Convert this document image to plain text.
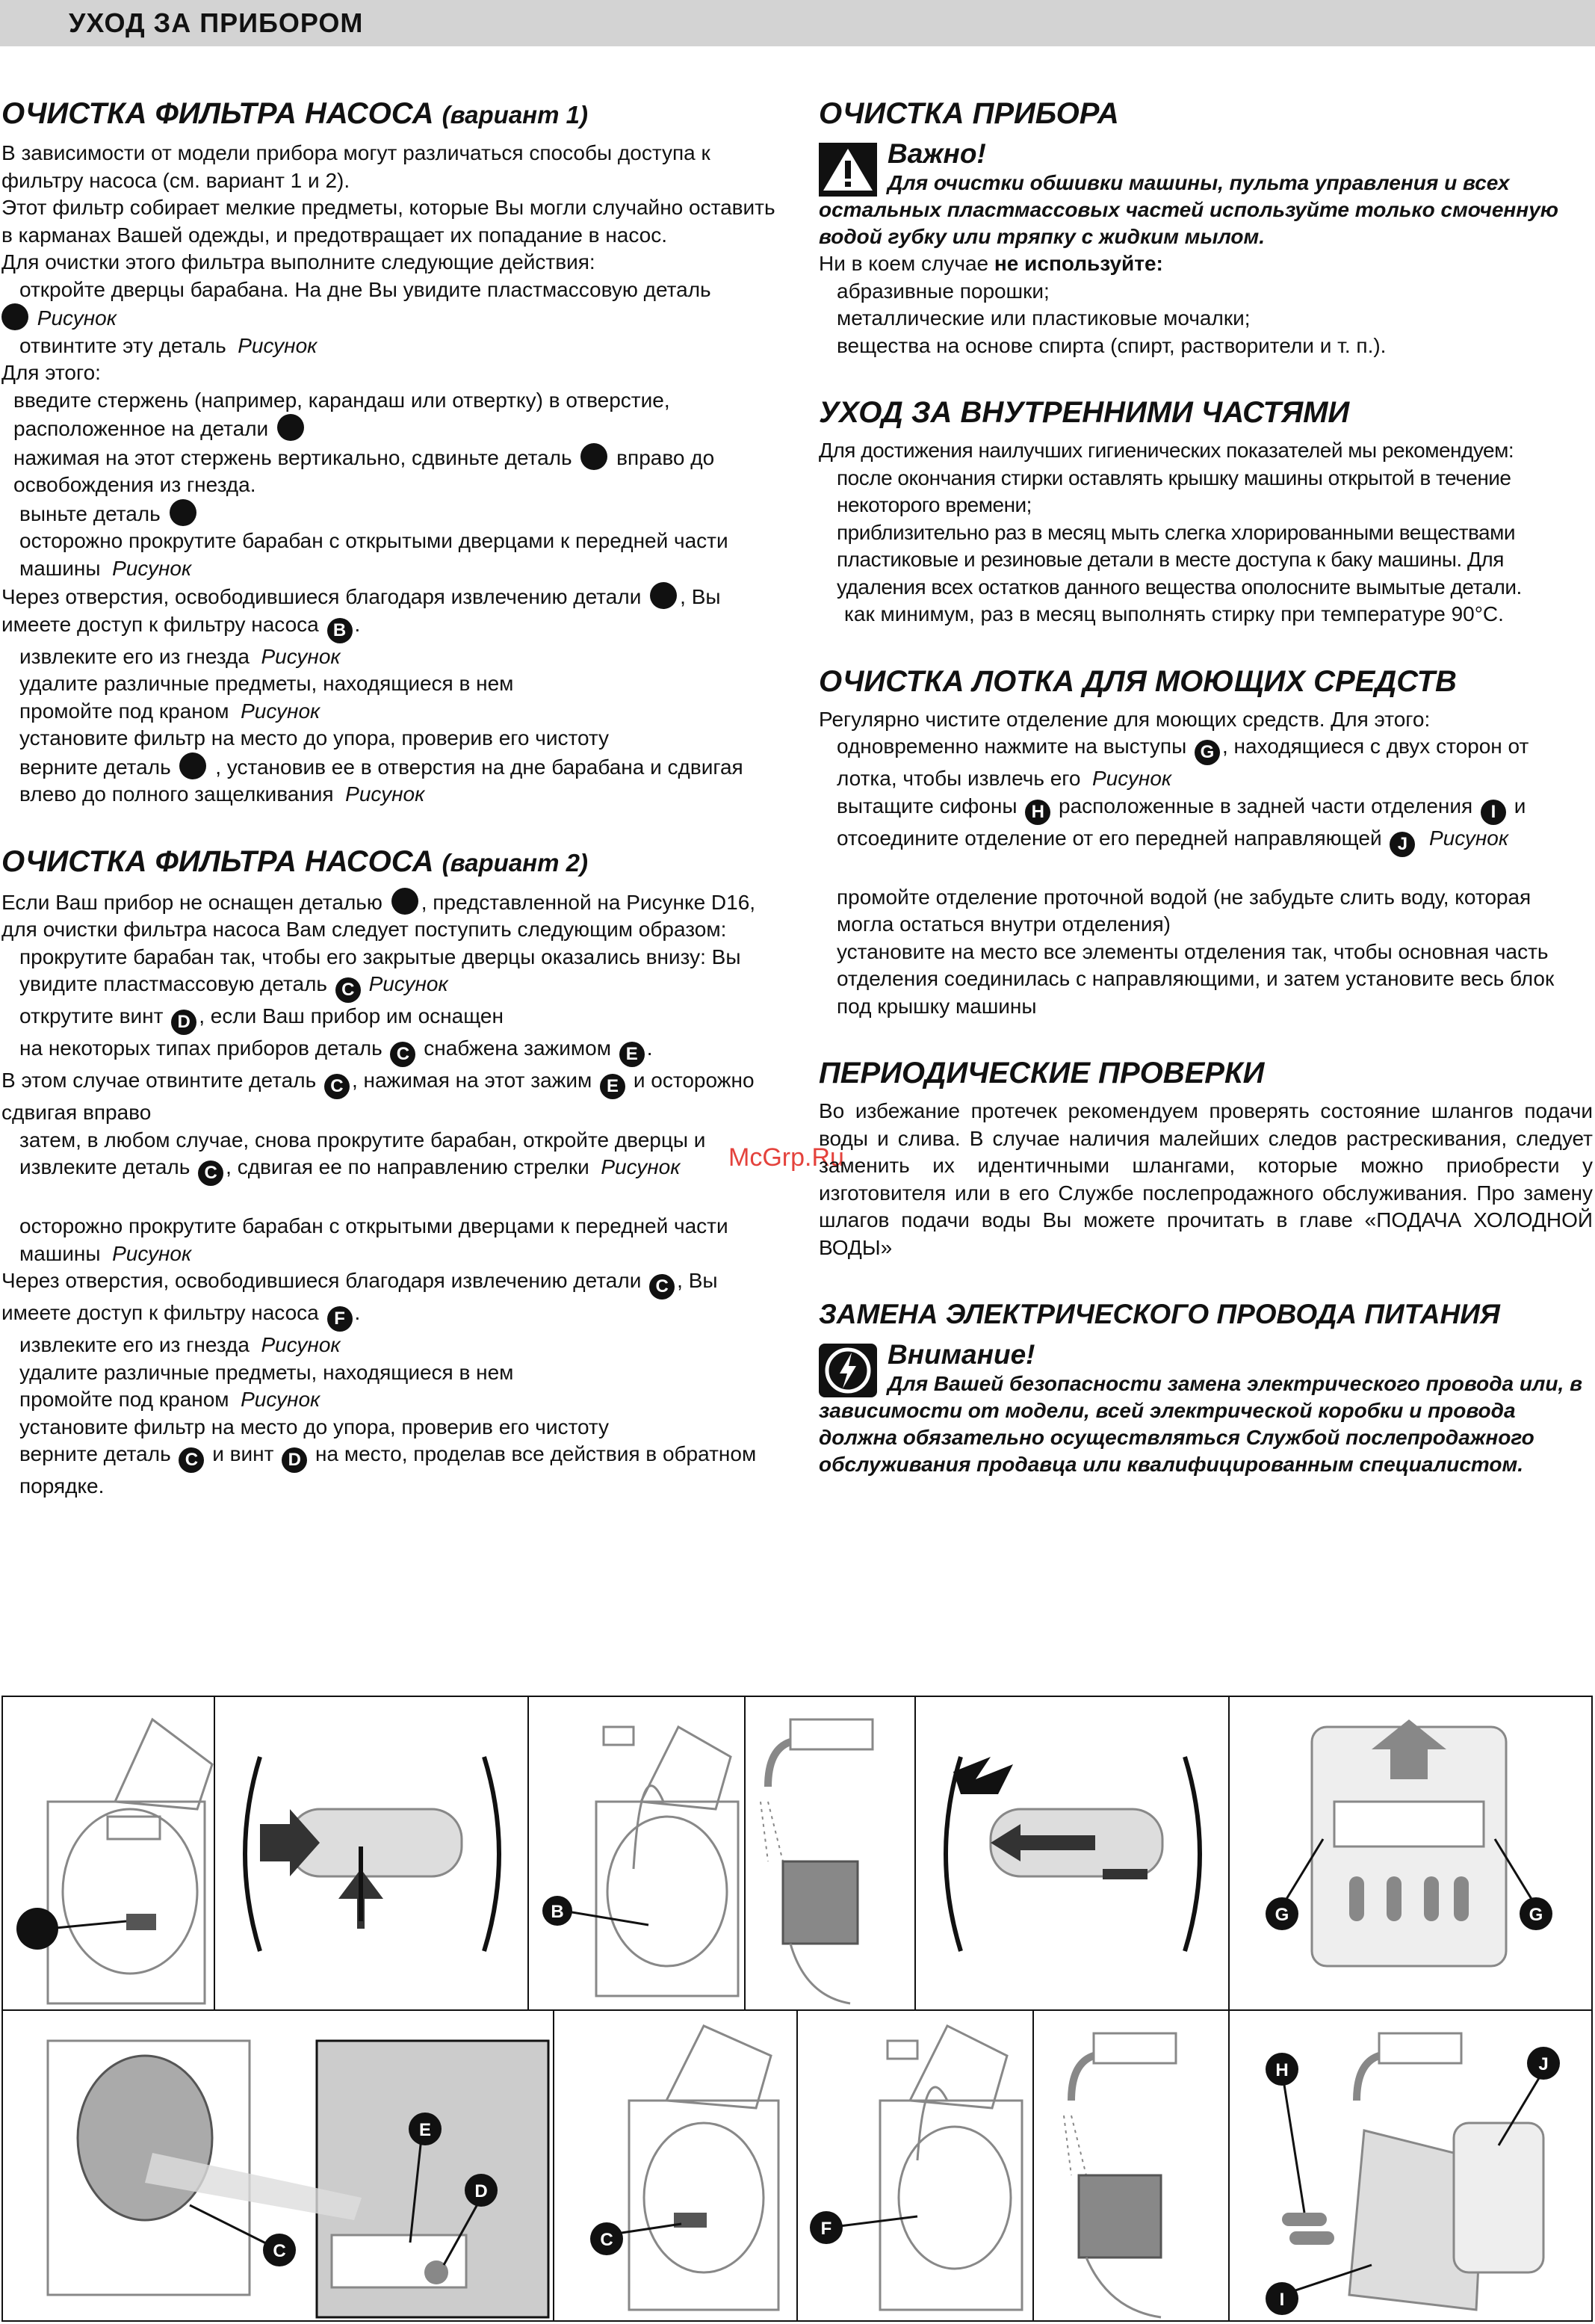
УХОД ЗА ПРИБОРОМ
McGrp.Ru
ОЧИСТКА ФИЛЬТРА НАСОСА (вариант 1)

В зависимости от модели прибора могут различаться способы доступа к фильтру насоса (см. вариант 1 и 2).

Этот фильтр собирает мелкие предметы, которые Вы могли случайно оставить в карманах Вашей одежды, и предотвращает их попадание в насос.

Для очистки этого фильтра выполните следующие действия:

откройте дверцы барабана. На дне Вы увидите пластмассовую деталь
Рисунок

отвинтите эту деталь Рисунок

Для этого:

введите стержень (например, карандаш или отвертку) в отверстие, расположенное на детали

нажимая на этот стержень вертикально, сдвиньте деталь вправо до освобождения из гнезда.

выньте деталь

осторожно прокрутите барабан с открытыми дверцами к передней части машины Рисунок

Через отверстия, освободившиеся благодаря извлечению детали , Вы имеете доступ к фильтру насоса B .

извлеките его из гнезда Рисунок

удалите различные предметы, находящиеся в нем

промойте под краном Рисунок

установите фильтр на место до упора, проверив его чистоту

верните деталь , установив ее в отверстия на дне барабана и сдвигая влево до полного защелкивания Рисунок

ОЧИСТКА ФИЛЬТРА НАСОСА (вариант 2)

Если Ваш прибор не оснащен деталью , представленной на Рисунке D16, для очистки фильтра насоса Вам следует поступить следующим образом:

прокрутите барабан так, чтобы его закрытые дверцы оказались внизу: Вы увидите пластмассовую деталь C Рисунок

открутите винт D , если Ваш прибор им оснащен

на некоторых типах приборов деталь C снабжена зажимом E .

В этом случае отвинтите деталь C , нажимая на этот зажим E и осторожно сдвигая вправо

затем, в любом случае, снова прокрутите барабан, откройте дверцы и извлеките деталь C , сдвигая ее по направлению стрелки Рисунок

осторожно прокрутите барабан с открытыми дверцами к передней части машины Рисунок

Через отверстия, освободившиеся благодаря извлечению детали C , Вы имеете доступ к фильтру насоса F .

извлеките его из гнезда Рисунок

удалите различные предметы, находящиеся в нем

промойте под краном Рисунок

установите фильтр на место до упора, проверив его чистоту

верните деталь C и винт D на место, проделав все действия в обратном порядке.

ОЧИСТКА ПРИБОРА
Важно!
Для очистки обшивки машины, пульта управления и всех остальных пластмассовых частей используйте только смоченную водой губку или тряпку с жидким мылом.

Ни в коем случае не используйте:

абразивные порошки;

металлические или пластиковые мочалки;

вещества на основе спирта (спирт, растворители и т. п.).

УХОД ЗА ВНУТРЕННИМИ ЧАСТЯМИ

Для достижения наилучших гигиенических показателей мы рекомендуем:

после окончания стирки оставлять крышку машины открытой в течение некоторого времени;

приблизительно раз в месяц мыть слегка хлорированными веществами пластиковые и резиновые детали в месте доступа к баку машины. Для удаления всех остатков данного вещества ополосните вымытые детали.

как минимум, раз в месяц выполнять стирку при температуре 90°C.

ОЧИСТКА ЛОТКА ДЛЯ МОЮЩИХ СРЕДСТВ

Регулярно чистите отделение для моющих средств. Для этого:

одновременно нажмите на выступы G , находящиеся с двух сторон от лотка, чтобы извлечь его Рисунок

вытащите сифоны H расположенные в задней части отделения I и отсоедините отделение от его передней направляющей J Рисунок

промойте отделение проточной водой (не забудьте слить воду, которая могла остаться внутри отделения)

установите на место все элементы отделения так, чтобы основная часть отделения соединилась с направляющими, и затем установите весь блок под крышку машины

ПЕРИОДИЧЕСКИЕ ПРОВЕРКИ

Во избежание протечек рекомендуем проверять состояние шлангов подачи воды и слива. В случае наличия малейших следов растрескивания, следует заменить их идентичными шлангами, которые можно приобрести у изготовителя или в его Службе послепродажного обслуживания. Про замену шлагов подачи воды Вы можете прочитать в главе «ПОДАЧА ХОЛОДНОЙ ВОДЫ»

ЗАМЕНА ЭЛЕКТРИЧЕСКОГО ПРОВОДА ПИТАНИЯ
Внимание!
Для Вашей безопасности замена электрического провода или, в зависимости от модели, всей электрической коробки и провода должна обязательно осуществляться Службой послепродажного обслуживания продавца или квалифицированным специалистом.
B	G	G
C
E
D
C
F
H	J
I
